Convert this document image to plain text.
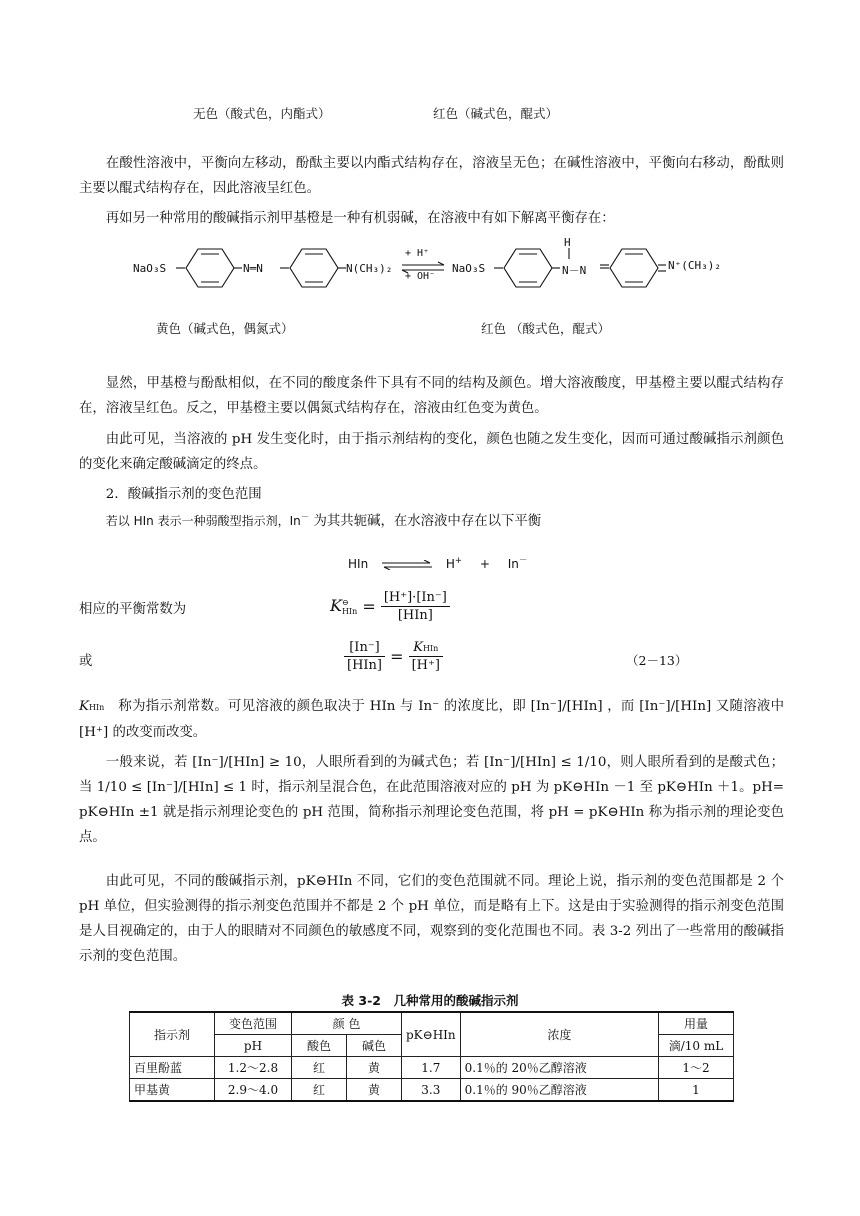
无色（酸式色，内酯式）	红色（碱式色，醌式）

在酸性溶液中，平衡向左移动，酚酞主要以内酯式结构存在，溶液呈无色；在碱性溶液中，平衡向右移动，酚酞则主要以醌式结构存在，因此溶液呈红色。

再如另一种常用的酸碱指示剂甲基橙是一种有机弱碱，在溶液中有如下解离平衡存在：

NaO₃S	N═N	N(CH₃)₂
+ H⁺
+ OH⁻
NaO₃S
H
N－N	N⁺(CH₃)₂
黄色（碱式色，偶氮式）	红色 （酸式色，醌式）

显然，甲基橙与酚酞相似，在不同的酸度条件下具有不同的结构及颜色。增大溶液酸度，甲基橙主要以醌式结构存在，溶液呈红色。反之，甲基橙主要以偶氮式结构存在，溶液由红色变为黄色。

由此可见，当溶液的 pH 发生变化时，由于指示剂结构的变化，颜色也随之发生变化，因而可通过酸碱指示剂颜色的变化来确定酸碱滴定的终点。

2．酸碱指示剂的变色范围

若以 HIn 表示一种弱酸型指示剂，In－ 为其共轭碱，在水溶液中存在以下平衡

HIn	H+ + In－
相应的平衡常数为	K ⊖
HIn = $\frac{[H^+]\cdot[In^-]}{\text{[HIn]}}$
或	$\frac{[In^-]}{\text{[HIn]}} = \frac{\text{KHIn}}{[H^+]}$	（2－13）

KHIn　 称为指示剂常数。可见溶液的颜色取决于 HIn 与 In⁻ 的浓度比，即 [In⁻]/[HIn] ，而 [In⁻]/[HIn] 又随溶液中 [H⁺] 的改变而改变。

一般来说，若 [In⁻]/[HIn] ≥ 10，人眼所看到的为碱式色；若 [In⁻]/[HIn] ≤ 1/10，则人眼所看到的是酸式色；当 1/10 ≤ [In⁻]/[HIn] ≤ 1 时，指示剂呈混合色，在此范围溶液对应的 pH 为 pK⊖HIn －1 至 pK⊖HIn ＋1。pH= pK⊖HIn ±1 就是指示剂理论变色的 pH 范围，简称指示剂理论变色范围，将 pH = pK⊖HIn 称为指示剂的理论变色点。

由此可见，不同的酸碱指示剂，pK⊖HIn 不同，它们的变色范围就不同。理论上说，指示剂的变色范围都是 2 个 pH 单位，但实验测得的指示剂变色范围并不都是 2 个 pH 单位，而是略有上下。这是由于实验测得的指示剂变色范围是人目视确定的，由于人的眼睛对不同颜色的敏感度不同，观察到的变化范围也不同。表 3-2 列出了一些常用的酸碱指示剂的变色范围。

表 3-2　几种常用的酸碱指示剂
指示剂	变色范围	颜 色		pK⊖HIn	浓度	用量
	pH	酸色	碱色			滴/10 mL
百里酚蓝	1.2～2.8	红	黄	1.7	0.1％的 20％乙醇溶液	1～2
甲基黄	2.9～4.0	红	黄	3.3	0.1％的 90％乙醇溶液	1
